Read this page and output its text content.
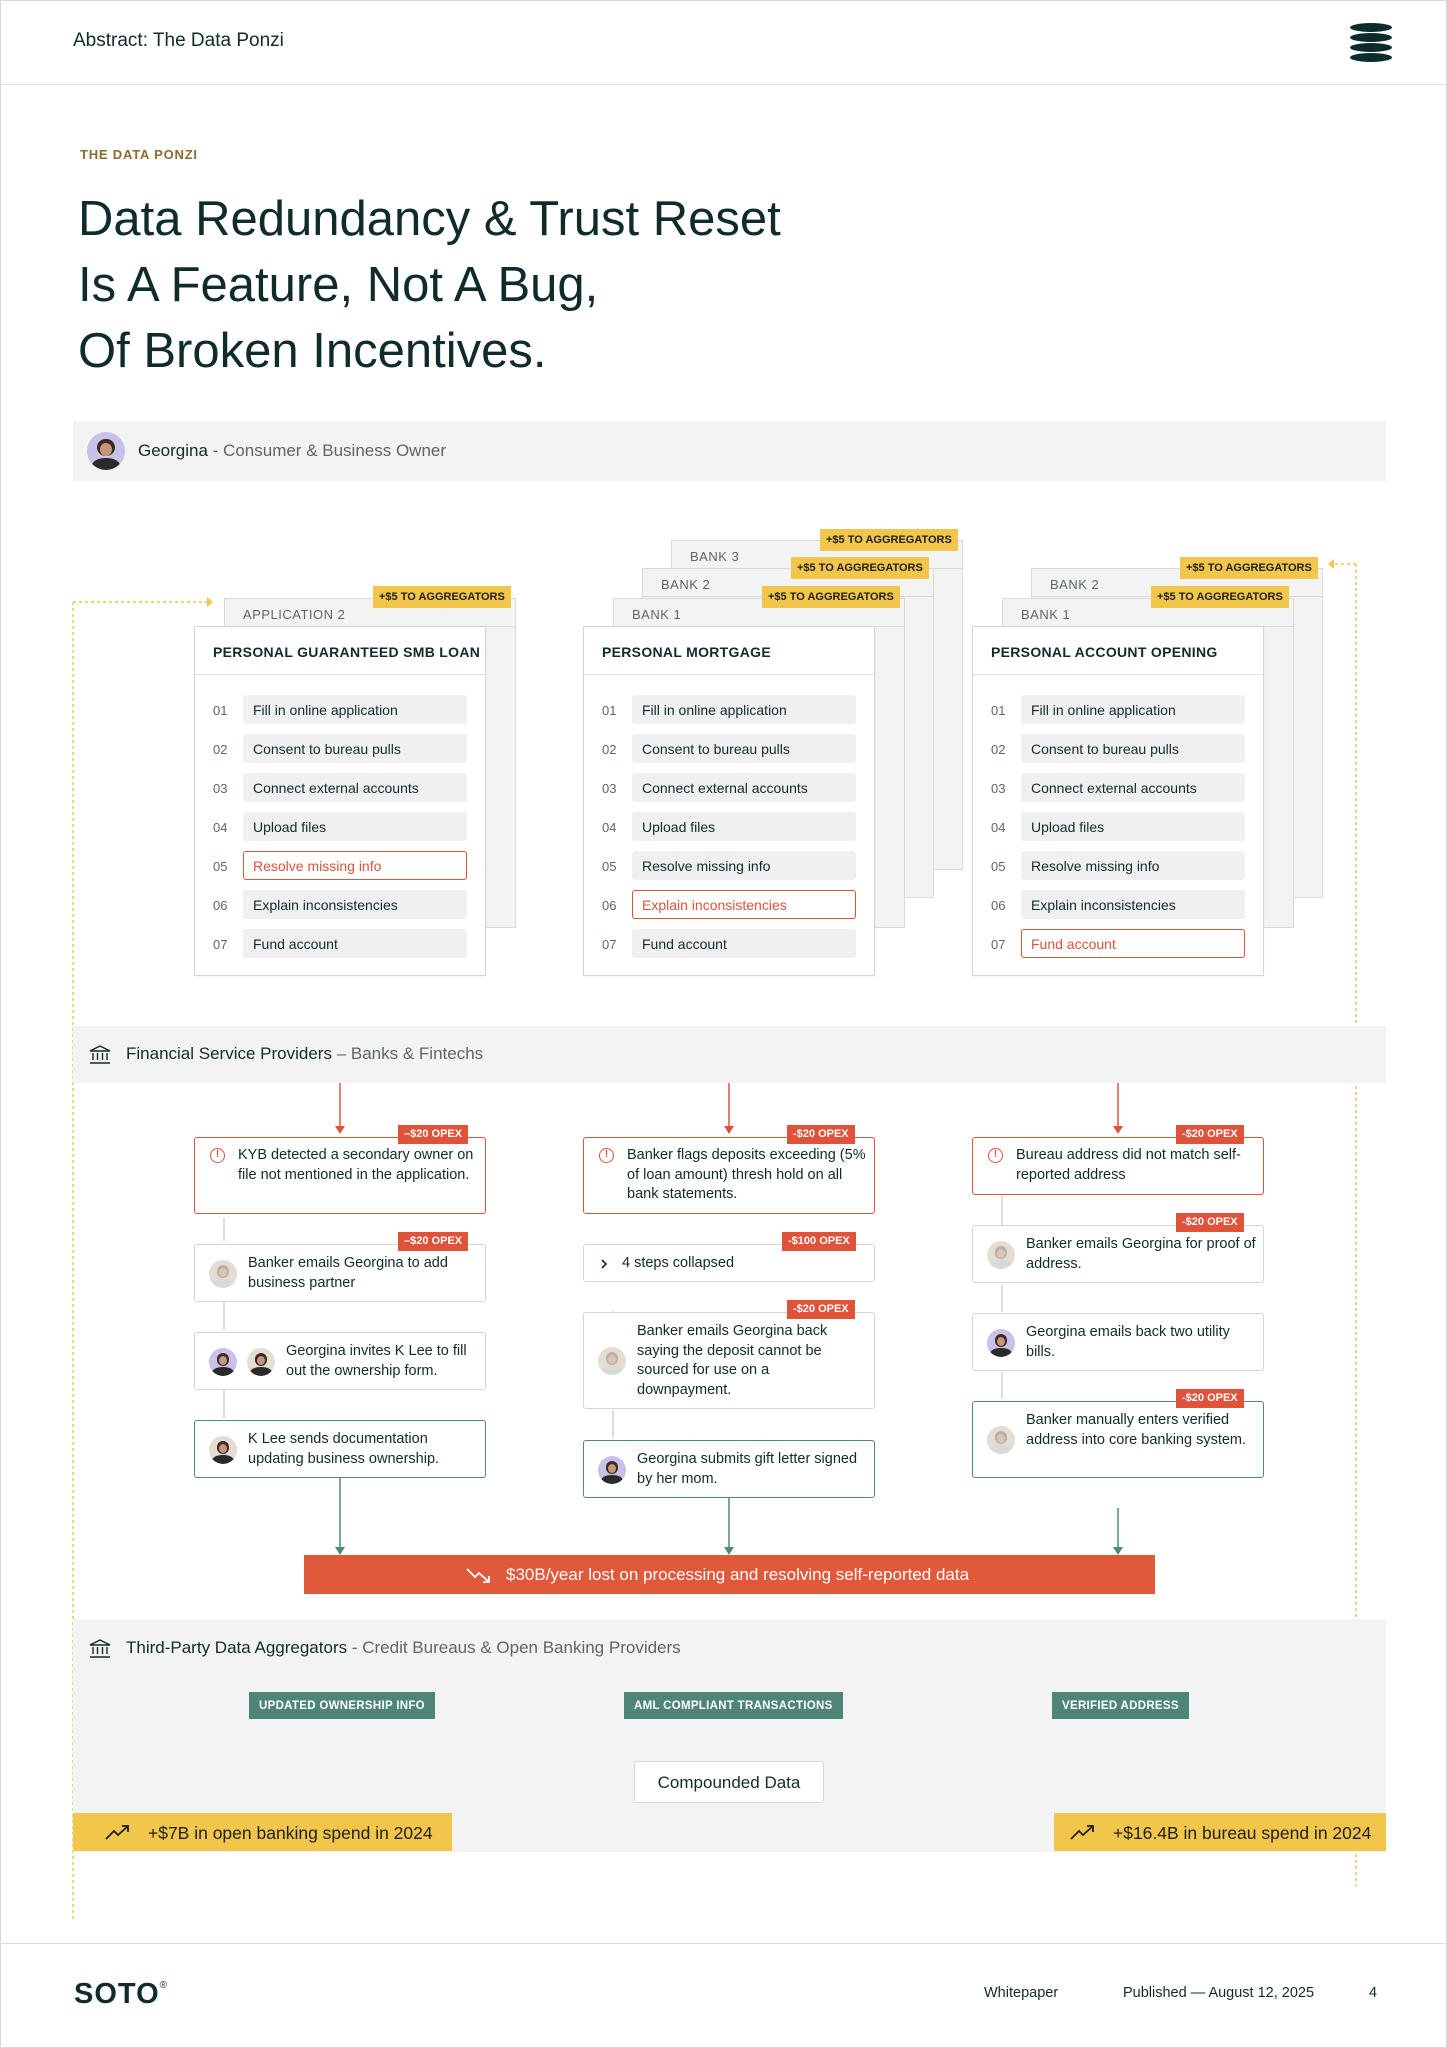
Abstract: The Data Ponzi
THE DATA PONZI
Data Redundancy & Trust Reset
Is A Feature, Not A Bug,
Of Broken Incentives.
Georgina - Consumer & Business Owner
APPLICATION 2
+$5 TO AGGREGATORS
PERSONAL GUARANTEED SMB LOAN
01	Fill in online application
02	Consent to bureau pulls
03	Connect external accounts
04	Upload files
05	Resolve missing info
06	Explain inconsistencies
07	Fund account
BANK 3
+$5 TO AGGREGATORS
BANK 2
+$5 TO AGGREGATORS
BANK 1
+$5 TO AGGREGATORS
PERSONAL MORTGAGE
01	Fill in online application
02	Consent to bureau pulls
03	Connect external accounts
04	Upload files
05	Resolve missing info
06	Explain inconsistencies
07	Fund account
BANK 2
+$5 TO AGGREGATORS
BANK 1
+$5 TO AGGREGATORS
PERSONAL ACCOUNT OPENING
01	Fill in online application
02	Consent to bureau pulls
03	Connect external accounts
04	Upload files
05	Resolve missing info
06	Explain inconsistencies
07	Fund account
Financial Service Providers – Banks & Fintechs
!	KYB detected a secondary owner on file not mentioned in the application.
–$20 OPEX
Banker emails Georgina to add business partner
–$20 OPEX
Georgina invites K Lee to fill out the ownership form.
K Lee sends documentation updating business ownership.
!	Banker flags deposits exceeding (5% of loan amount) thresh hold on all bank statements.
-$20 OPEX
4 steps collapsed
-$100 OPEX
Banker emails Georgina back saying the deposit cannot be sourced for use on a downpayment.
-$20 OPEX
Georgina submits gift letter signed by her mom.
!	Bureau address did not match self-reported address
-$20 OPEX
Banker emails Georgina for proof of address.
-$20 OPEX
Georgina emails back two utility bills.
Banker manually enters verified address into core banking system.
-$20 OPEX
$30B/year lost on processing and resolving self-reported data
Third-Party Data Aggregators - Credit Bureaus & Open Banking Providers
UPDATED OWNERSHIP INFO	AML COMPLIANT TRANSACTIONS	VERIFIED ADDRESS
Compounded Data
+$7B in open banking spend in 2024	+$16.4B in bureau spend in 2024
SOTO®	Whitepaper	Published — August 12, 2025	4
